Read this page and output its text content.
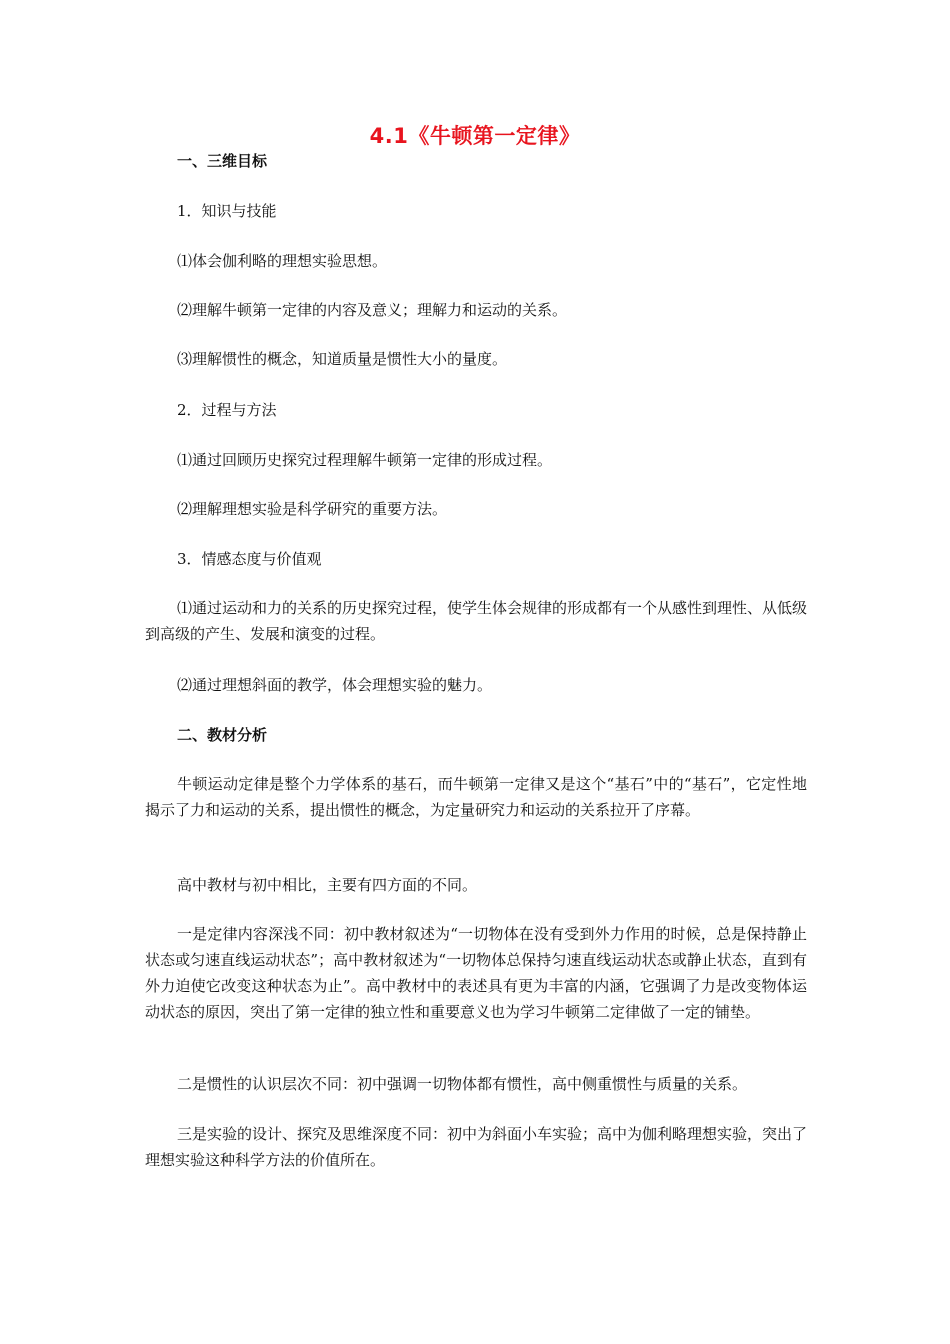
4.1《牛顿第一定律》
一、三维目标
1．知识与技能
⑴体会伽利略的理想实验思想。
⑵理解牛顿第一定律的内容及意义；理解力和运动的关系。
⑶理解惯性的概念，知道质量是惯性大小的量度。
2．过程与方法
⑴通过回顾历史探究过程理解牛顿第一定律的形成过程。
⑵理解理想实验是科学研究的重要方法。
3．情感态度与价值观
⑴通过运动和力的关系的历史探究过程，使学生体会规律的形成都有一个从感性到理性、从低级到高级的产生、发展和演变的过程。
⑵通过理想斜面的教学，体会理想实验的魅力。
二、教材分析
牛顿运动定律是整个力学体系的基石，而牛顿第一定律又是这个“基石”中的“基石”，它定性地揭示了力和运动的关系，提出惯性的概念，为定量研究力和运动的关系拉开了序幕。
高中教材与初中相比，主要有四方面的不同。
一是定律内容深浅不同：初中教材叙述为“一切物体在没有受到外力作用的时候，总是保持静止状态或匀速直线运动状态”；高中教材叙述为“一切物体总保持匀速直线运动状态或静止状态，直到有外力迫使它改变这种状态为止”。高中教材中的表述具有更为丰富的内涵，它强调了力是改变物体运动状态的原因，突出了第一定律的独立性和重要意义也为学习牛顿第二定律做了一定的铺垫。
二是惯性的认识层次不同：初中强调一切物体都有惯性，高中侧重惯性与质量的关系。
三是实验的设计、探究及思维深度不同：初中为斜面小车实验；高中为伽利略理想实验，突出了理想实验这种科学方法的价值所在。
